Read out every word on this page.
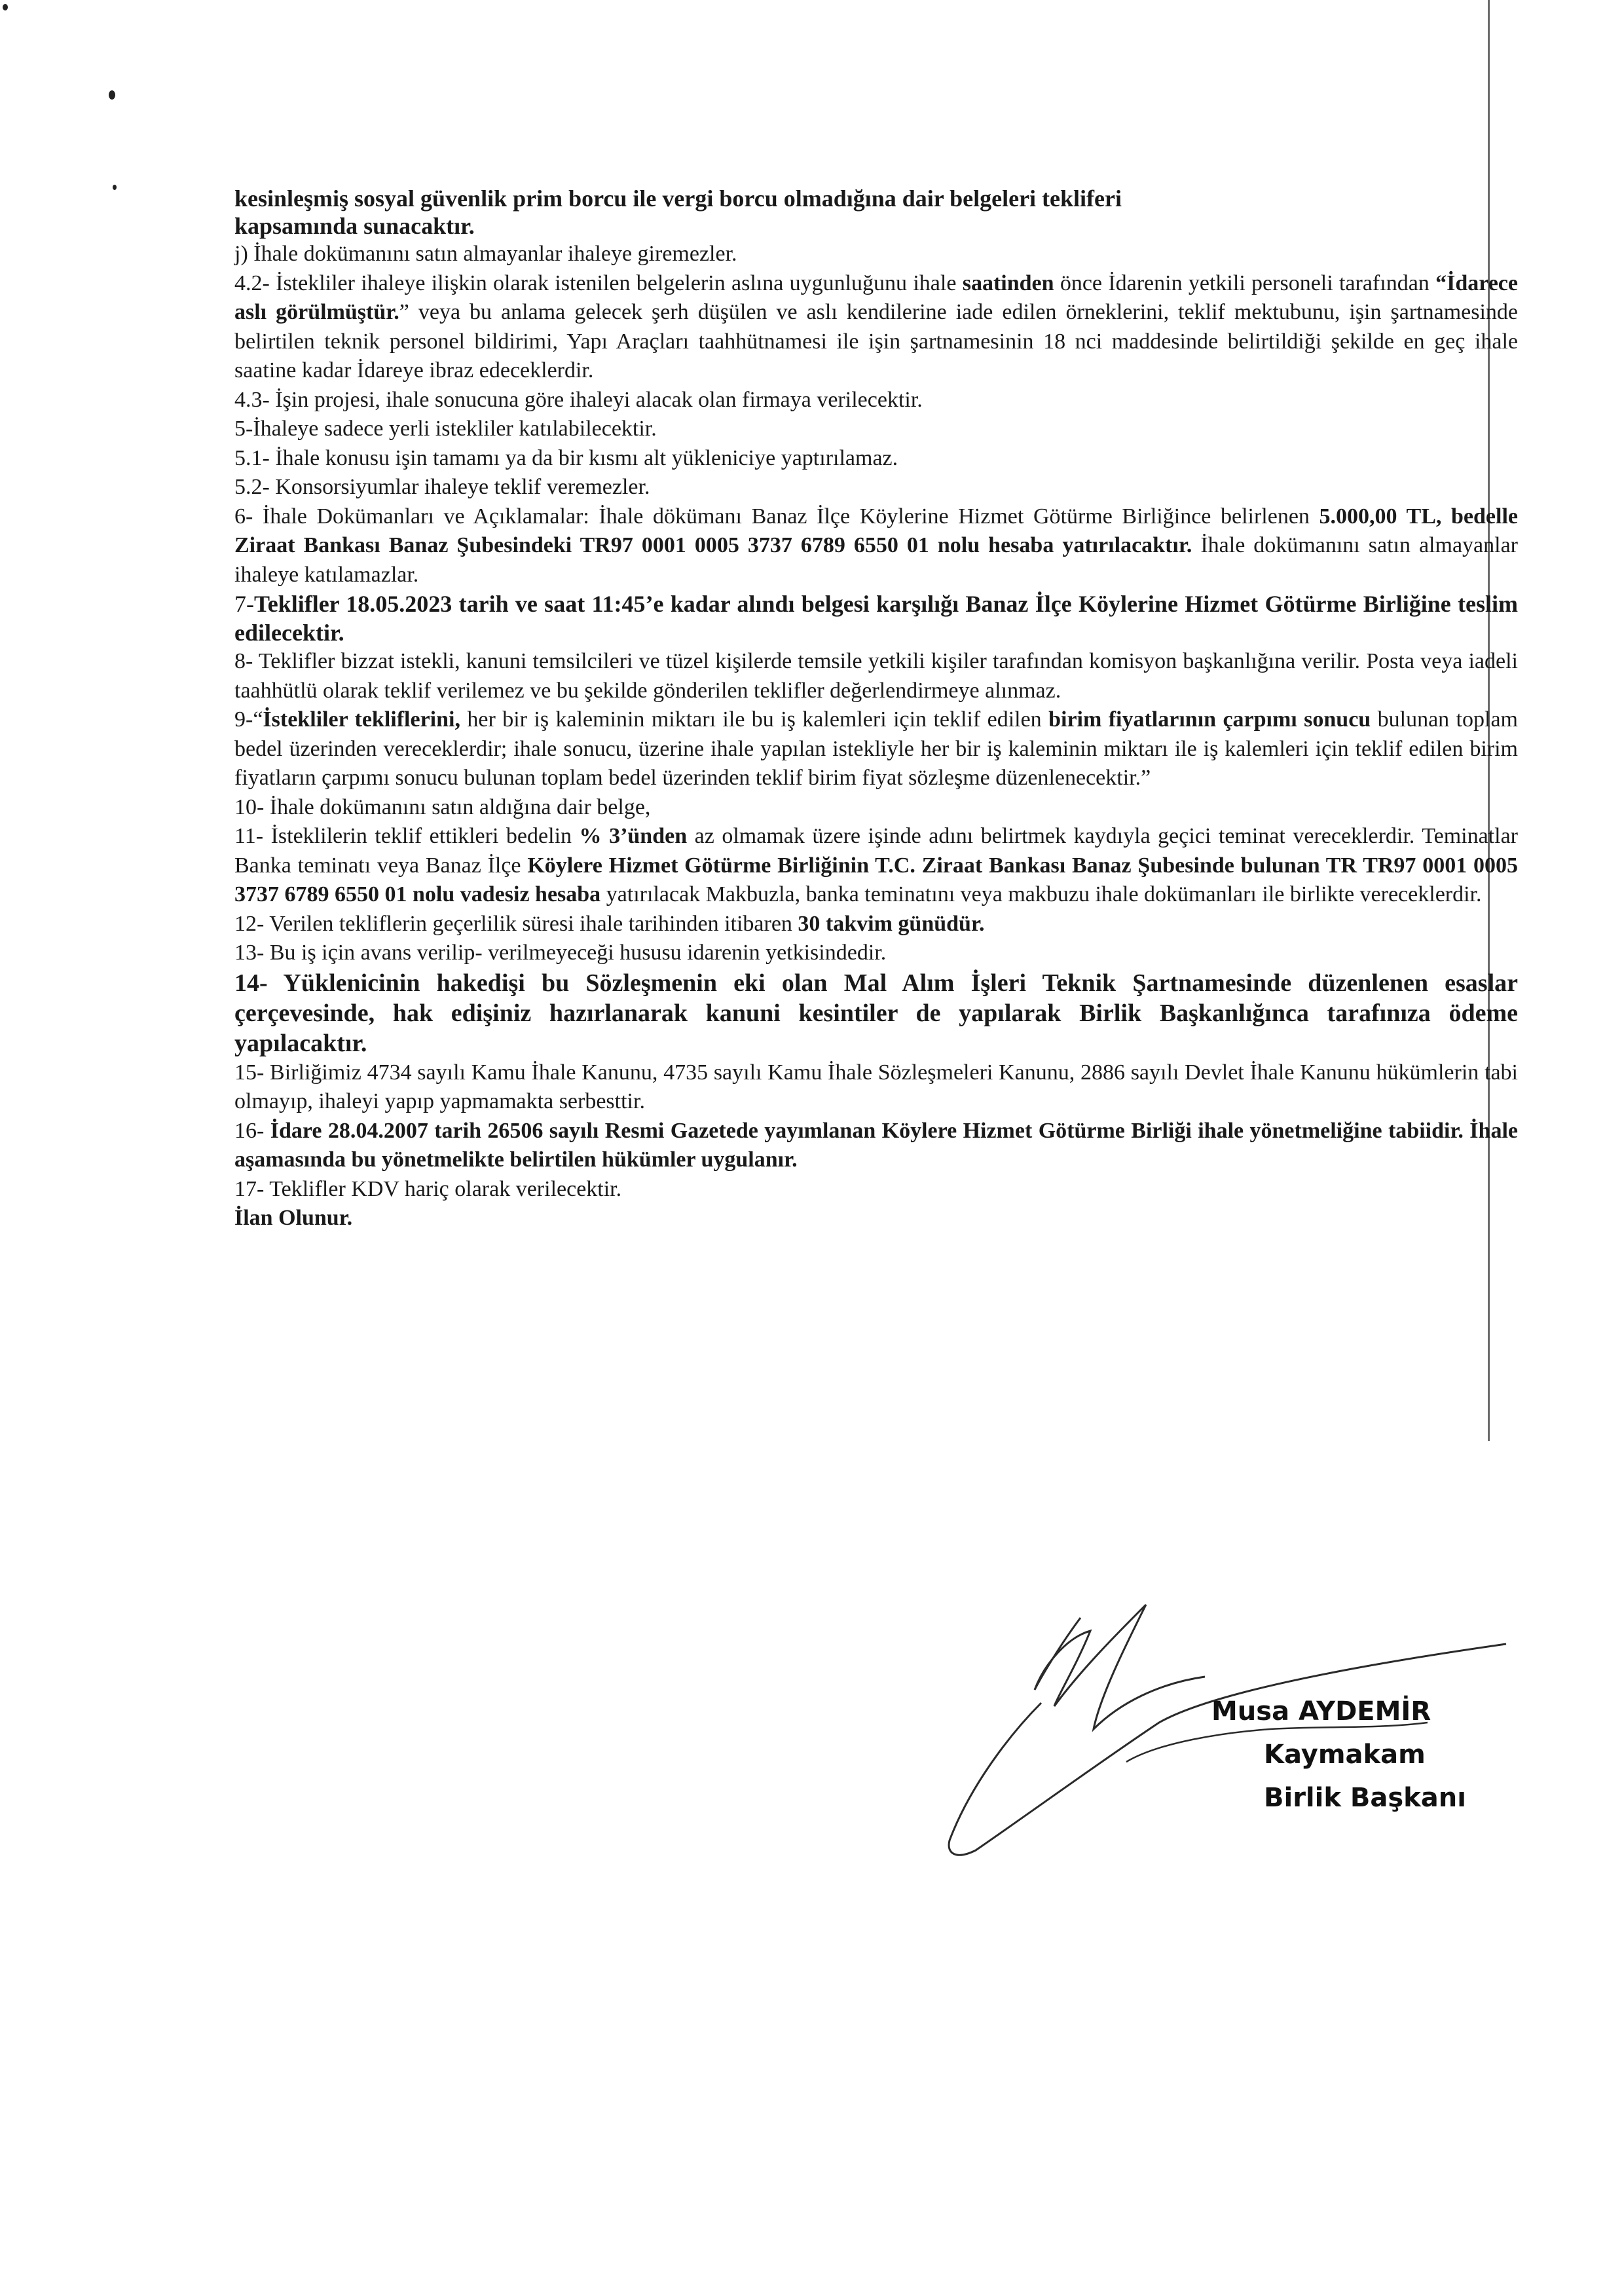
kesinleşmiş sosyal güvenlik prim borcu ile vergi borcu olmadığına dair belgeleri tekliferi
kapsamında sunacaktır.

j) İhale dokümanını satın almayanlar ihaleye giremezler.

4.2- İstekliler ihaleye ilişkin olarak istenilen belgelerin aslına uygunluğunu ihale saatinden önce İdarenin yetkili personeli tarafından “İdarece aslı görülmüştür.” veya bu anlama gelecek şerh düşülen ve aslı kendilerine iade edilen örneklerini, teklif mektubunu, işin şartnamesinde belirtilen teknik personel bildirimi, Yapı Araçları taahhütnamesi ile işin şartnamesinin 18 nci maddesinde belirtildiği şekilde en geç ihale saatine kadar İdareye ibraz edeceklerdir.

4.3- İşin projesi, ihale sonucuna göre ihaleyi alacak olan firmaya verilecektir.

5-İhaleye sadece yerli istekliler katılabilecektir.

5.1- İhale konusu işin tamamı ya da bir kısmı alt yükleniciye yaptırılamaz.

5.2- Konsorsiyumlar ihaleye teklif veremezler.

6- İhale Dokümanları ve Açıklamalar: İhale dökümanı Banaz İlçe Köylerine Hizmet Götürme Birliğince belirlenen 5.000,00 TL, bedelle Ziraat Bankası Banaz Şubesindeki TR97 0001 0005 3737 6789 6550 01 nolu hesaba yatırılacaktır. İhale dokümanını satın almayanlar ihaleye katılamazlar.

7-Teklifler 18.05.2023 tarih ve saat 11:45’e kadar alındı belgesi karşılığı Banaz İlçe Köylerine Hizmet Götürme Birliğine teslim edilecektir.

8- Teklifler bizzat istekli, kanuni temsilcileri ve tüzel kişilerde temsile yetkili kişiler tarafından komisyon başkanlığına verilir. Posta veya iadeli taahhütlü olarak teklif verilemez ve bu şekilde gönderilen teklifler değerlendirmeye alınmaz.

9-“İstekliler tekliflerini, her bir iş kaleminin miktarı ile bu iş kalemleri için teklif edilen birim fiyatlarının çarpımı sonucu bulunan toplam bedel üzerinden vereceklerdir; ihale sonucu, üzerine ihale yapılan istekliyle her bir iş kaleminin miktarı ile iş kalemleri için teklif edilen birim fiyatların çarpımı sonucu bulunan toplam bedel üzerinden teklif birim fiyat sözleşme düzenlenecektir.”

10- İhale dokümanını satın aldığına dair belge,

11- İsteklilerin teklif ettikleri bedelin % 3’ünden az olmamak üzere işinde adını belirtmek kaydıyla geçici teminat vereceklerdir. Teminatlar Banka teminatı veya Banaz İlçe Köylere Hizmet Götürme Birliğinin T.C. Ziraat Bankası Banaz Şubesinde bulunan TR TR97 0001 0005 3737 6789 6550 01 nolu vadesiz hesaba yatırılacak Makbuzla, banka teminatını veya makbuzu ihale dokümanları ile birlikte vereceklerdir.

12- Verilen tekliflerin geçerlilik süresi ihale tarihinden itibaren 30 takvim günüdür.

13- Bu iş için avans verilip- verilmeyeceği hususu idarenin yetkisindedir.

14- Yüklenicinin hakedişi bu Sözleşmenin eki olan Mal Alım İşleri Teknik Şartnamesinde düzenlenen esaslar çerçevesinde, hak edişiniz hazırlanarak kanuni kesintiler de yapılarak Birlik Başkanlığınca tarafınıza ödeme yapılacaktır.

15- Birliğimiz 4734 sayılı Kamu İhale Kanunu, 4735 sayılı Kamu İhale Sözleşmeleri Kanunu, 2886 sayılı Devlet İhale Kanunu hükümlerin tabi olmayıp, ihaleyi yapıp yapmamakta serbesttir.

16- İdare 28.04.2007 tarih 26506 sayılı Resmi Gazetede yayımlanan Köylere Hizmet Götürme Birliği ihale yönetmeliğine tabiidir. İhale aşamasında bu yönetmelikte belirtilen hükümler uygulanır.

17- Teklifler KDV hariç olarak verilecektir.

İlan Olunur.

Musa AYDEMİR
Kaymakam
Birlik Başkanı
